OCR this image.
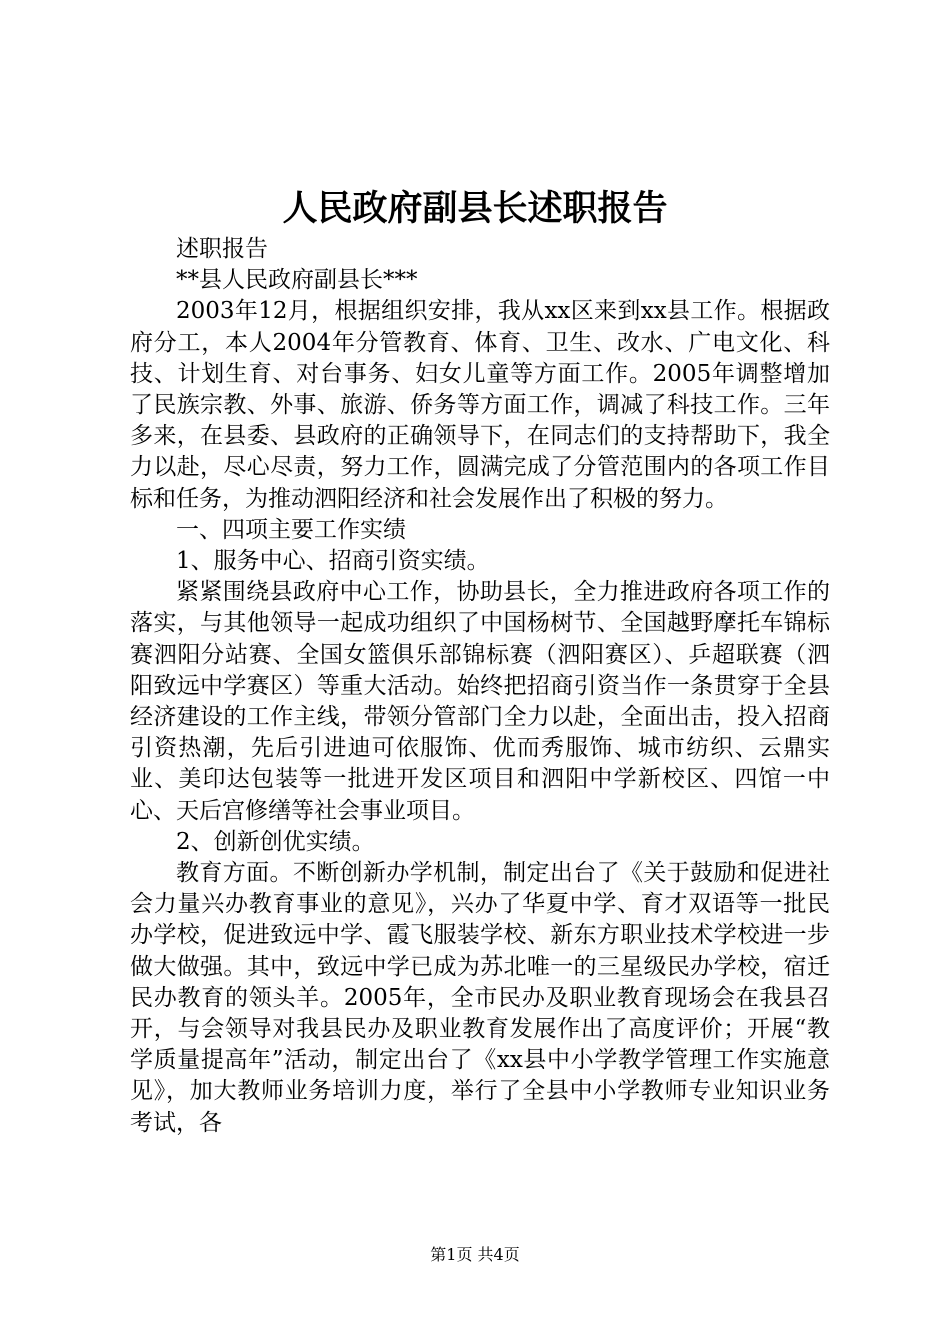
人民政府副县长述职报告

述职报告

**县人民政府副县长***

2003年12月，根据组织安排，我从xx区来到xx县工作。根据政府分工，本人2004年分管教育、体育、卫生、改水、广电文化、科技、计划生育、对台事务、妇女儿童等方面工作。2005年调整增加了民族宗教、外事、旅游、侨务等方面工作，调减了科技工作。三年多来，在县委、县政府的正确领导下，在同志们的支持帮助下，我全力以赴，尽心尽责，努力工作，圆满完成了分管范围内的各项工作目标和任务，为推动泗阳经济和社会发展作出了积极的努力。

一、四项主要工作实绩

1、服务中心、招商引资实绩。

紧紧围绕县政府中心工作，协助县长，全力推进政府各项工作的落实，与其他领导一起成功组织了中国杨树节、全国越野摩托车锦标赛泗阳分站赛、全国女篮俱乐部锦标赛（泗阳赛区）、乒超联赛（泗阳致远中学赛区）等重大活动。始终把招商引资当作一条贯穿于全县经济建设的工作主线，带领分管部门全力以赴，全面出击，投入招商引资热潮，先后引进迪可依服饰、优而秀服饰、城市纺织、云鼎实业、美印达包装等一批进开发区项目和泗阳中学新校区、四馆一中心、天后宫修缮等社会事业项目。

2、创新创优实绩。

教育方面。不断创新办学机制，制定出台了《关于鼓励和促进社会力量兴办教育事业的意见》，兴办了华夏中学、育才双语等一批民办学校，促进致远中学、霞飞服装学校、新东方职业技术学校进一步做大做强。其中，致远中学已成为苏北唯一的三星级民办学校，宿迁民办教育的领头羊。2005年，全市民办及职业教育现场会在我县召开，与会领导对我县民办及职业教育发展作出了高度评价；开展“教学质量提高年”活动，制定出台了《xx县中小学教学管理工作实施意见》，加大教师业务培训力度，举行了全县中小学教师专业知识业务考试，各

第1页 共4页
